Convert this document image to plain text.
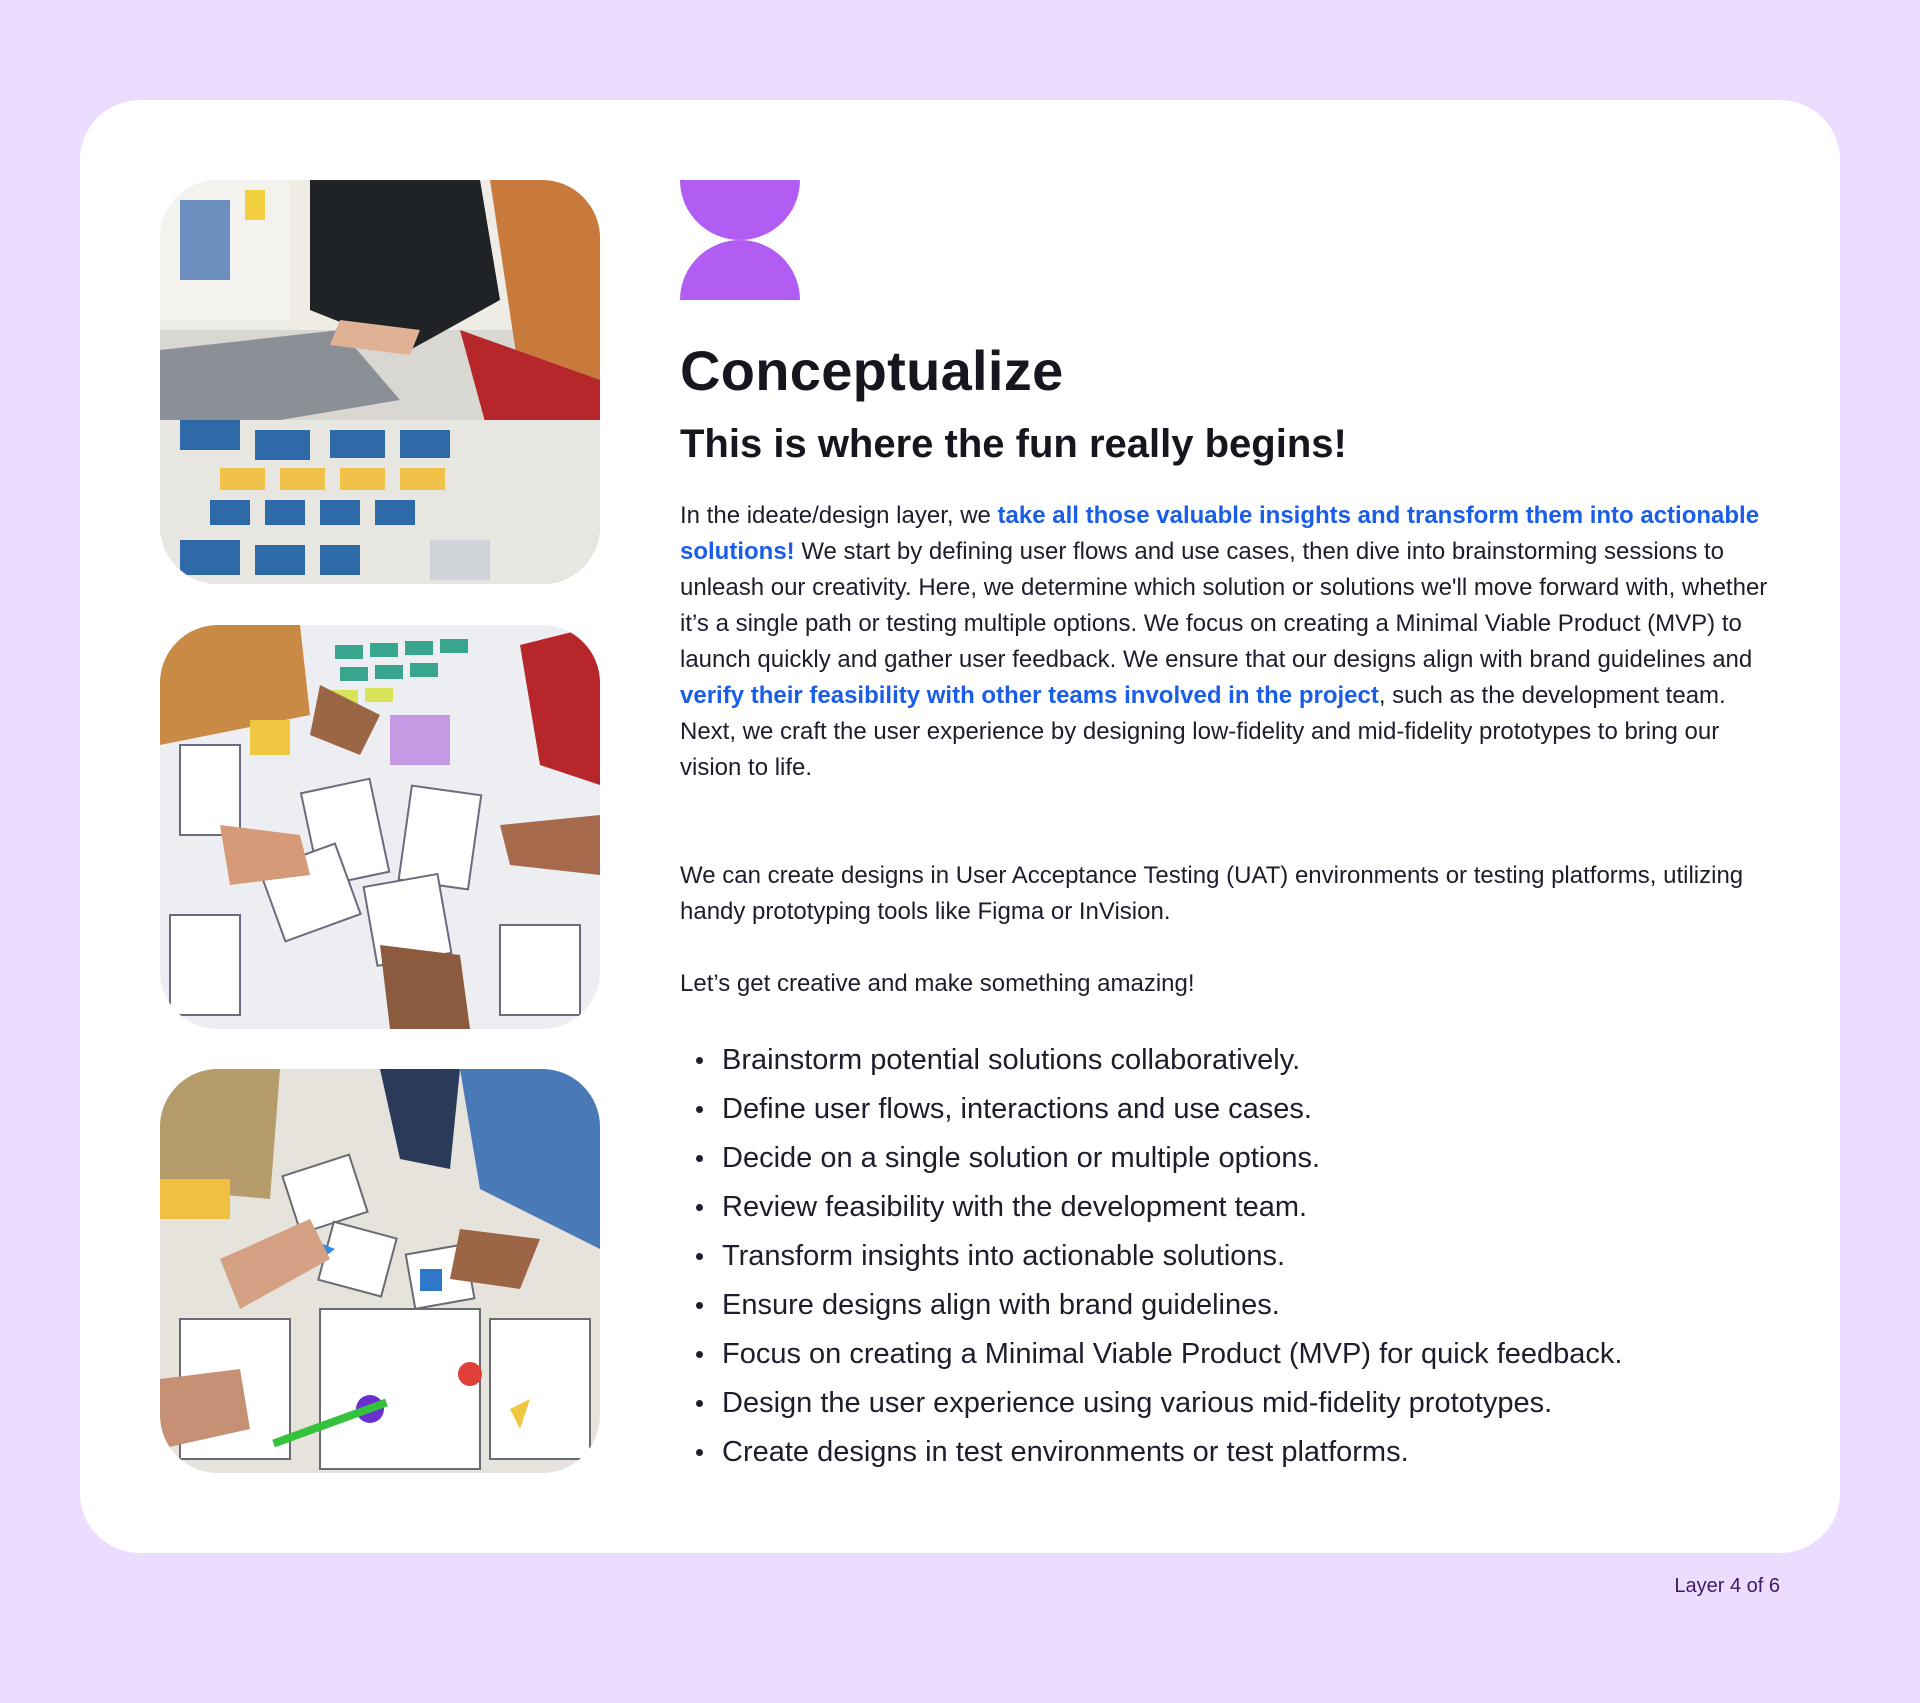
Conceptualize
This is where the fun really begins!

In the ideate/design layer, we take all those valuable insights and transform them into actionable solutions! We start by defining user flows and use cases, then dive into brainstorming sessions to unleash our creativity. Here, we determine which solution or solutions we'll move forward with, whether it’s a single path or testing multiple options. We focus on creating a Minimal Viable Product (MVP) to launch quickly and gather user feedback. We ensure that our designs align with brand guidelines and verify their feasibility with other teams involved in the project, such as the development team. Next, we craft the user experience by designing low-fidelity and mid-fidelity prototypes to bring our vision to life.

We can create designs in User Acceptance Testing (UAT) environments or testing platforms, utilizing handy prototyping tools like Figma or InVision.

Let’s get creative and make something amazing!

Brainstorm potential solutions collaboratively.
Define user flows, interactions and use cases.
Decide on a single solution or multiple options.
Review feasibility with the development team.
Transform insights into actionable solutions.
Ensure designs align with brand guidelines.
Focus on creating a Minimal Viable Product (MVP) for quick feedback.
Design the user experience using various mid-fidelity prototypes.
Create designs in test environments or test platforms.
Layer 4 of 6
